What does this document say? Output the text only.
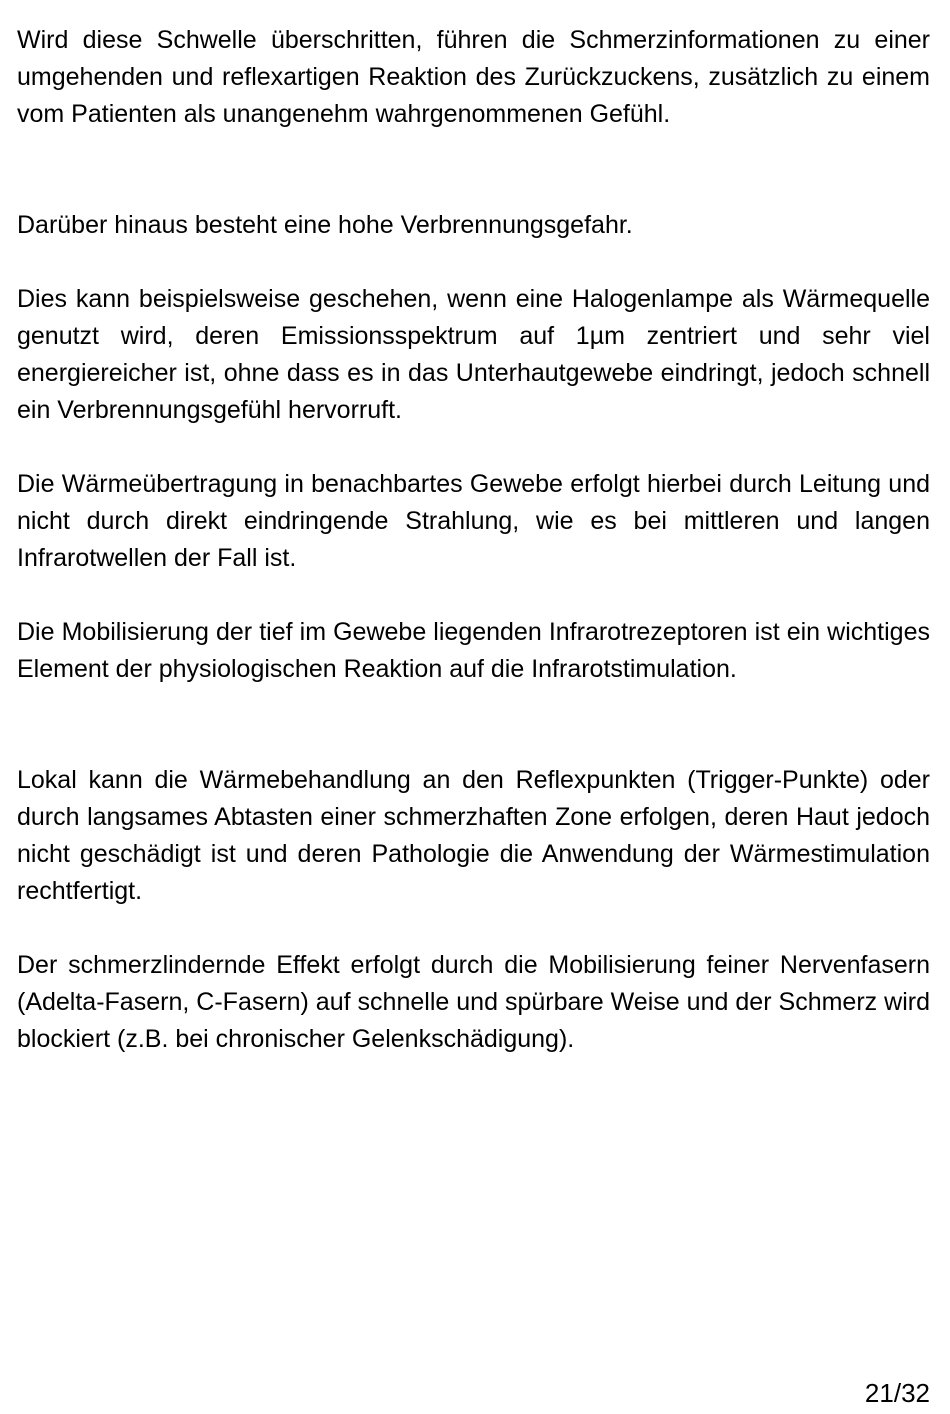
Wird diese Schwelle überschritten, führen die Schmerzinformationen zu einer umgehenden und reflexartigen Reaktion des Zurückzuckens, zusätzlich zu einem vom Patienten als unangenehm wahrgenommenen Gefühl.

Darüber hinaus besteht eine hohe Verbrennungsgefahr.

Dies kann beispielsweise geschehen, wenn eine Halogenlampe als Wärmequelle genutzt wird, deren Emissionsspektrum auf 1µm zentriert und sehr viel energiereicher ist, ohne dass es in das Unterhautgewebe eindringt, jedoch schnell ein Verbrennungsgefühl hervorruft.

Die Wärmeübertragung in benachbartes Gewebe erfolgt hierbei durch Leitung und nicht durch direkt eindringende Strahlung, wie es bei mittleren und langen Infrarotwellen der Fall ist.

Die Mobilisierung der tief im Gewebe liegenden Infrarotrezeptoren ist ein wichtiges Element der physiologischen Reaktion auf die Infrarotstimulation.

Lokal kann die Wärmebehandlung an den Reflexpunkten (Trigger-Punkte) oder durch langsames Abtasten einer schmerzhaften Zone erfolgen, deren Haut jedoch nicht geschädigt ist und deren Pathologie die Anwendung der Wärmestimulation rechtfertigt.

Der schmerzlindernde Effekt erfolgt durch die Mobilisierung feiner Nervenfasern (Adelta-Fasern, C-Fasern) auf schnelle und spürbare Weise und der Schmerz wird blockiert (z.B. bei chronischer Gelenkschädigung).

21/32
